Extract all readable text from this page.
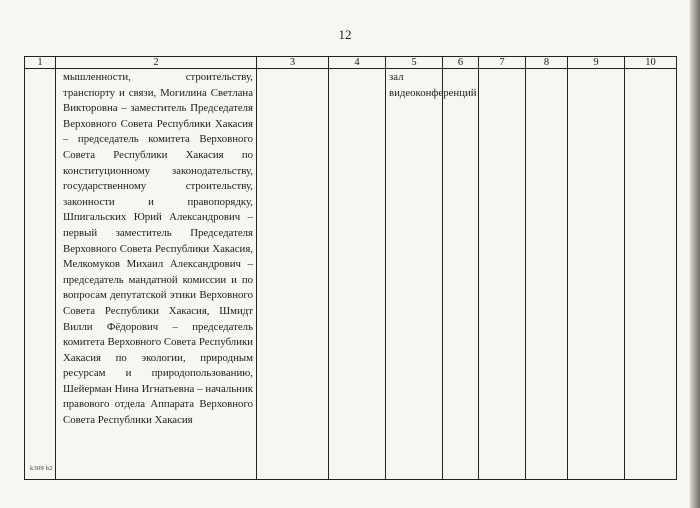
12
1	2	3	4	5	6	7	8	9	10

	мышленности, строительству, транспорту и связи, Могилина Светлана Викторовна – заместитель Председателя Верховного Совета Республики Хакасия – председатель комитета Верховного Совета Республики Хакасия по конституционному законодательству, государственному строительству, законности и правопорядку, Шпигальских Юрий Александрович – первый заместитель Председателя Верховного Совета Республики Хакасия, Мелкомуков Михаил Александрович – председатель мандатной комиссии и по вопросам депутатской этики Верховного Совета Республики Хакасия, Шмидт Вилли Фёдорович – председатель комитета Верховного Совета Республики Хакасия по экологии, природным ресурсам и природопользованию, Шейерман Нина Игнатьевна – начальник правового отдела Аппарата Верховного Совета Республики Хакасия			зал видеоконференций					

k309 b2
